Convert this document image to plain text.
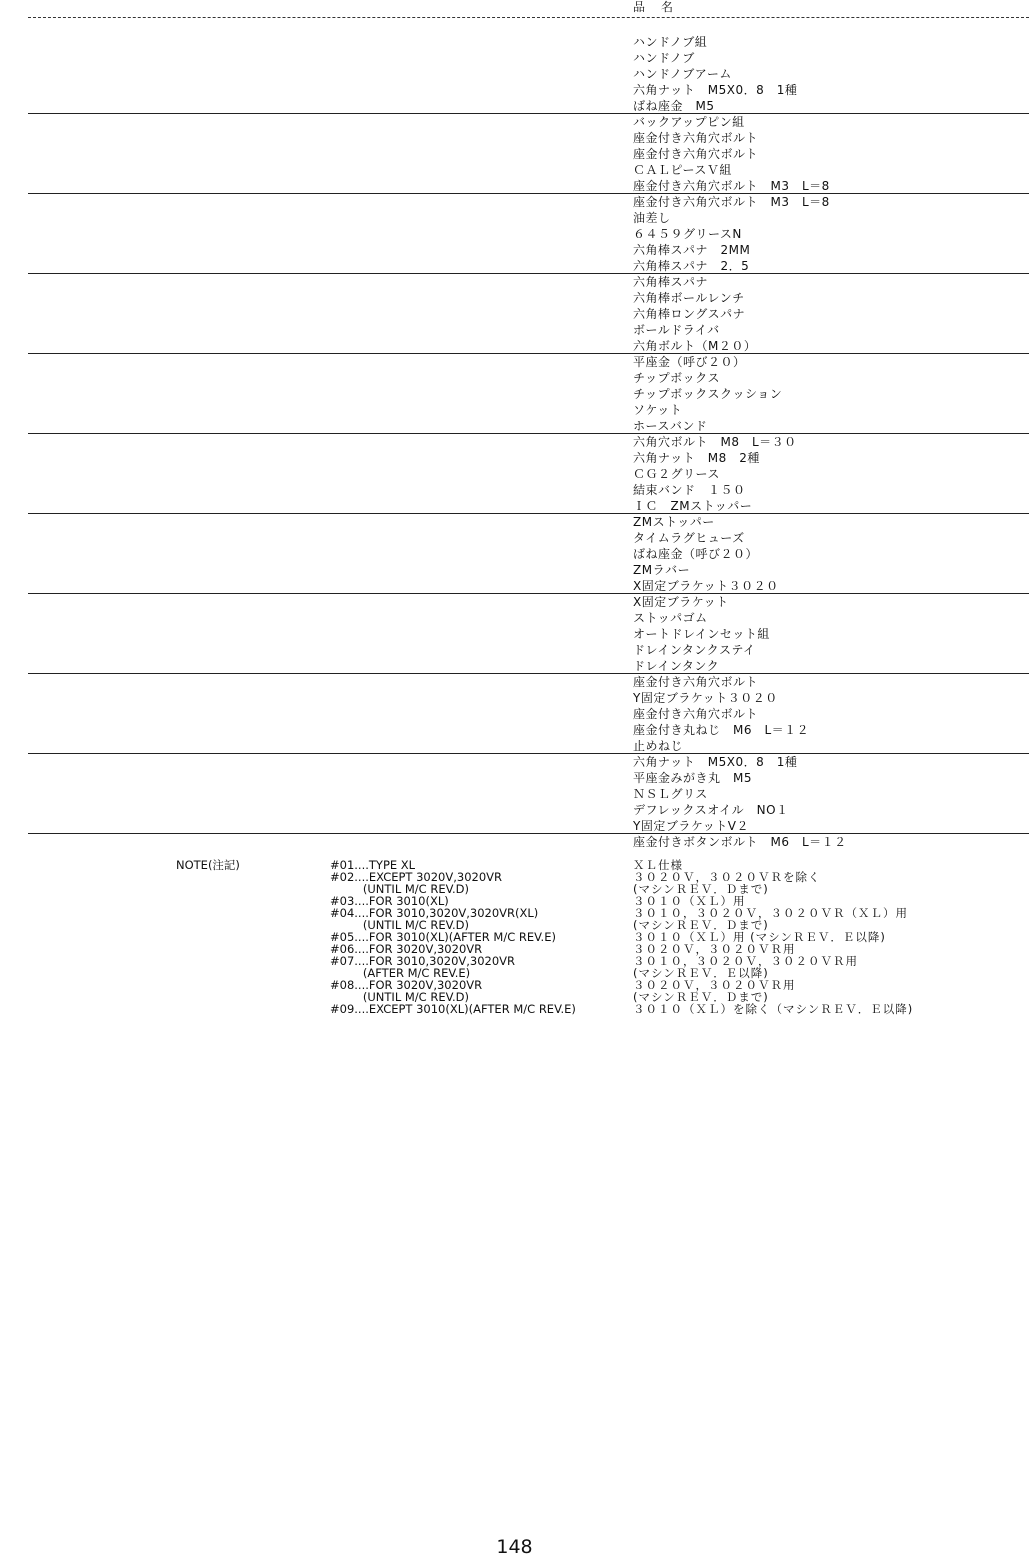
品　名
ハンドノブ組
ハンドノブ
ハンドノブアーム
六角ナット　M5X0．8　1種
ばね座金　M5
バックアップピン組
座金付き六角穴ボルト
座金付き六角穴ボルト
ＣＡＬピースＶ組
座金付き六角穴ボルト　M3　L＝8
座金付き六角穴ボルト　M3　L＝8
油差し
６４５９グリースN
六角棒スパナ　2MM
六角棒スパナ　2．5
六角棒スパナ
六角棒ボールレンチ
六角棒ロングスパナ
ボールドライバ
六角ボルト（M２０）
平座金（呼び２０）
チップボックス
チップボックスクッション
ソケット
ホースバンド
六角穴ボルト　M8　L＝３０
六角ナット　M8　2種
ＣＧ２グリース
結束バンド　１５０
ＩＣ　ZMストッパー
ZMストッパー
タイムラグヒューズ
ばね座金（呼び２０）
ZMラバー
X固定ブラケット３０２０
X固定ブラケット
ストッパゴム
オートドレインセット組
ドレインタンクステイ
ドレインタンク
座金付き六角穴ボルト
Y固定ブラケット３０２０
座金付き六角穴ボルト
座金付き丸ねじ　M6　L＝１２
止めねじ
六角ナット　M5X0．8　1種
平座金みがき丸　M5
ＮＳＬグリス
デフレックスオイル　NO１
Y固定ブラケットV２
座金付きボタンボルト　M6　L＝１２
NOTE(注記)	#01....TYPE XL	ＸＬ仕様
#02....EXCEPT 3020V,3020VR	３０２０Ｖ，３０２０ＶＲを除く
(UNTIL M/C REV.D)	(マシンＲＥＶ．Ｄまで)
#03....FOR 3010(XL)	３０１０（ＸＬ）用
#04....FOR 3010,3020V,3020VR(XL)	３０１０，３０２０Ｖ，３０２０ＶＲ（ＸＬ）用
(UNTIL M/C REV.D)	(マシンＲＥＶ．Ｄまで)
#05....FOR 3010(XL)(AFTER M/C REV.E)	３０１０（ＸＬ）用 (マシンＲＥＶ．Ｅ以降)
#06....FOR 3020V,3020VR	３０２０Ｖ，３０２０ＶＲ用
#07....FOR 3010,3020V,3020VR	３０１０，３０２０Ｖ，３０２０ＶＲ用
(AFTER M/C REV.E)	(マシンＲＥＶ．Ｅ以降)
#08....FOR 3020V,3020VR	３０２０Ｖ，３０２０ＶＲ用
(UNTIL M/C REV.D)	(マシンＲＥＶ．Ｄまで)
#09....EXCEPT 3010(XL)(AFTER M/C REV.E)	３０１０（ＸＬ）を除く（マシンＲＥＶ．Ｅ以降)
148
